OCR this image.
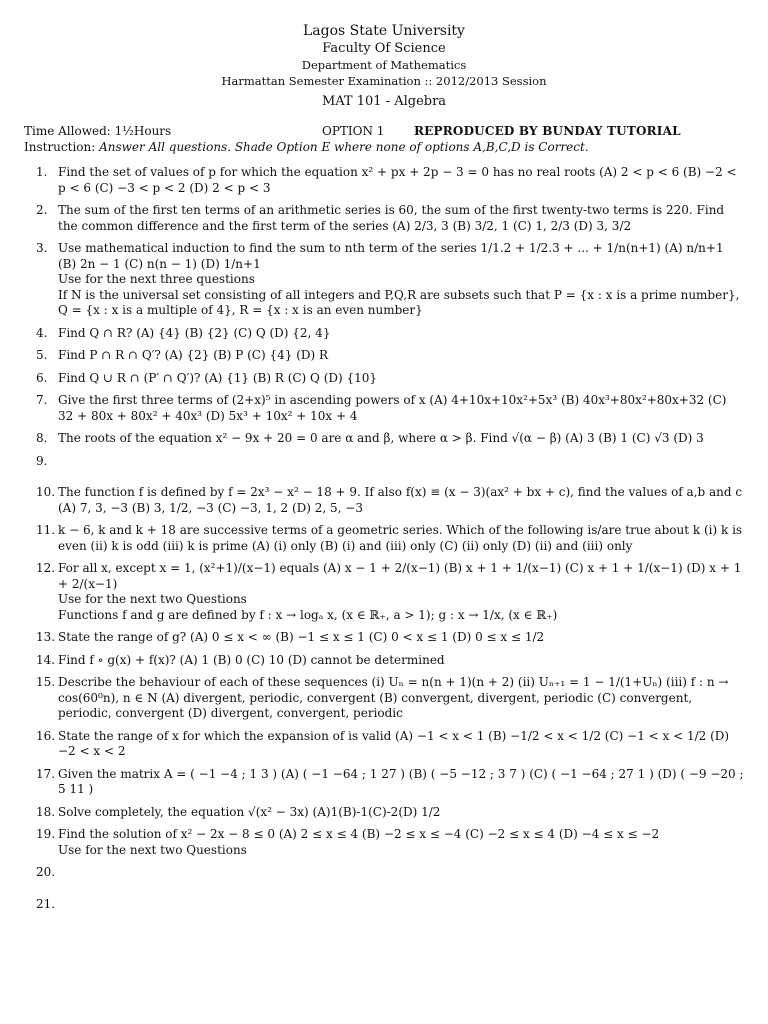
Lagos State University
Faculty Of Science
Department of Mathematics
Harmattan Semester Examination :: 2012/2013 Session
MAT 101 - Algebra
Time Allowed: 1½Hours	OPTION 1 REPRODUCED BY BUNDAY TUTORIAL
Instruction: Answer All questions. Shade Option E where none of options A,B,C,D is Correct.
1. Find the set of values of p for which the equation x² + px + 2p − 3 = 0 has no real roots (A) 2 < p < 6 (B) −2 < p < 6 (C) −3 < p < 2 (D) 2 < p < 3
2. The sum of the first ten terms of an arithmetic series is 60, the sum of the first twenty-two terms is 220. Find the common difference and the first term of the series (A) 2/3, 3 (B) 3/2, 1 (C) 1, 2/3 (D) 3, 3/2
3. Use mathematical induction to find the sum to nth term of the series 1/1.2 + 1/2.3 + ... + 1/n(n+1) (A) n/n+1 (B) 2n − 1 (C) n(n − 1) (D) 1/n+1
Use for the next three questions
If N is the universal set consisting of all integers and P,Q,R are subsets such that P = {x : x is a prime number}, Q = {x : x is a multiple of 4}, R = {x : x is an even number}
4. Find Q ∩ R? (A) {4} (B) {2} (C) Q (D) {2, 4}
5. Find P ∩ R ∩ Q′? (A) {2} (B) P (C) {4} (D) R
6. Find Q ∪ R ∩ (P′ ∩ Q′)? (A) {1} (B) R (C) Q (D) {10}
7. Give the first three terms of (2+x)⁵ in ascending powers of x (A) 4+10x+10x²+5x³ (B) 40x³+80x²+80x+32 (C) 32 + 80x + 80x² + 40x³ (D) 5x³ + 10x² + 10x + 4
8. The roots of the equation x² − 9x + 20 = 0 are α and β, where α > β. Find √(α − β) (A) 3 (B) 1 (C) √3 (D) 3
9.
10. The function f is defined by f = 2x³ − x² − 18 + 9. If also f(x) ≡ (x − 3)(ax² + bx + c), find the values of a,b and c (A) 7, 3, −3 (B) 3, 1/2, −3 (C) −3, 1, 2 (D) 2, 5, −3
11. k − 6, k and k + 18 are successive terms of a geometric series. Which of the following is/are true about k (i) k is even (ii) k is odd (iii) k is prime (A) (i) only (B) (i) and (iii) only (C) (ii) only (D) (ii) and (iii) only
12. For all x, except x = 1, (x²+1)/(x−1) equals (A) x − 1 + 2/(x−1) (B) x + 1 + 1/(x−1) (C) x + 1 + 1/(x−1) (D) x + 1 + 2/(x−1)
Use for the next two Questions
Functions f and g are defined by f : x → logₐ x, (x ∈ ℝ₊, a > 1); g : x → 1/x, (x ∈ ℝ₊)
13. State the range of g? (A) 0 ≤ x < ∞ (B) −1 ≤ x ≤ 1 (C) 0 < x ≤ 1 (D) 0 ≤ x ≤ 1/2
14. Find f ∘ g(x) + f(x)? (A) 1 (B) 0 (C) 10 (D) cannot be determined
15. Describe the behaviour of each of these sequences (i) Uₙ = n(n + 1)(n + 2) (ii) Uₙ₊₁ = 1 − 1/(1+Uₙ) (iii) f : n → cos(60⁰n), n ∈ N (A) divergent, periodic, convergent (B) convergent, divergent, periodic (C) convergent, periodic, convergent (D) divergent, convergent, periodic
16. State the range of x for which the expansion of is valid (A) −1 < x < 1 (B) −1/2 < x < 1/2 (C) −1 < x < 1/2 (D) −2 < x < 2
17. Given the matrix A = ( −1 −4 ; 1 3 ) (A) ( −1 −64 ; 1 27 ) (B) ( −5 −12 ; 3 7 ) (C) ( −1 −64 ; 27 1 ) (D) ( −9 −20 ; 5 11 )
18. Solve completely, the equation √(x² − 3x) (A)1(B)-1(C)-2(D) 1/2
19. Find the solution of x² − 2x − 8 ≤ 0 (A) 2 ≤ x ≤ 4 (B) −2 ≤ x ≤ −4 (C) −2 ≤ x ≤ 4 (D) −4 ≤ x ≤ −2
Use for the next two Questions
20.
21.
